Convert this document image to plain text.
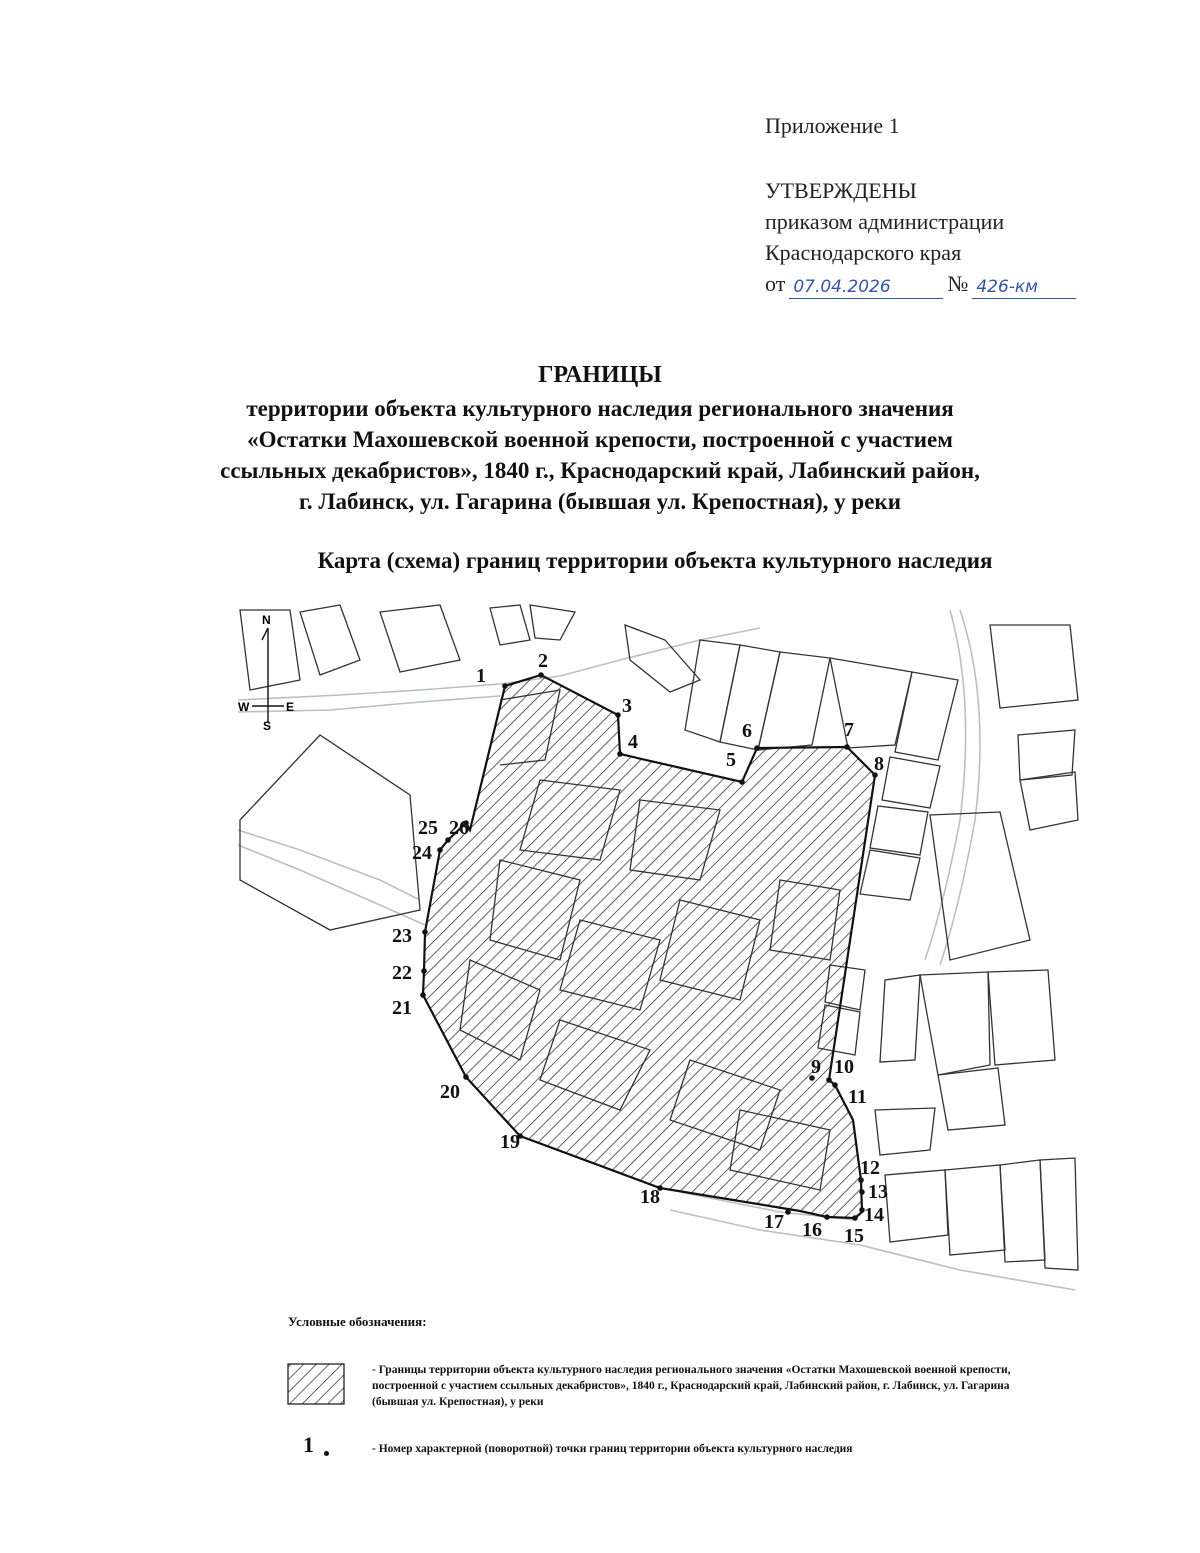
Приложение 1
УТВЕРЖДЕНЫ
приказом администрации
Краснодарского края
от 07.04.2026	№ 426-км
ГРАНИЦЫ
территории объекта культурного наследия регионального значения
«Остатки Махошевской военной крепости, построенной с участием
ссыльных декабристов», 1840 г., Краснодарский край, Лабинский район,
г. Лабинск, ул. Гагарина (бывшая ул. Крепостная), у реки
Карта (схема) границ территории объекта культурного наследия
N
S
E
W
1
2
3
4
5
6	7
8
9 10
11
12
13
14
15
16
17
18
19
20
21
22
23
24
25 26
Условные обозначения:
- Границы территории объекта культурного наследия регионального значения «Остатки Махошевской военной крепости, построенной с участием ссыльных декабристов», 1840 г., Краснодарский край, Лабинский район, г. Лабинск, ул. Гагарина (бывшая ул. Крепостная), у реки
1	- Номер характерной (поворотной) точки границ территории объекта культурного наследия
